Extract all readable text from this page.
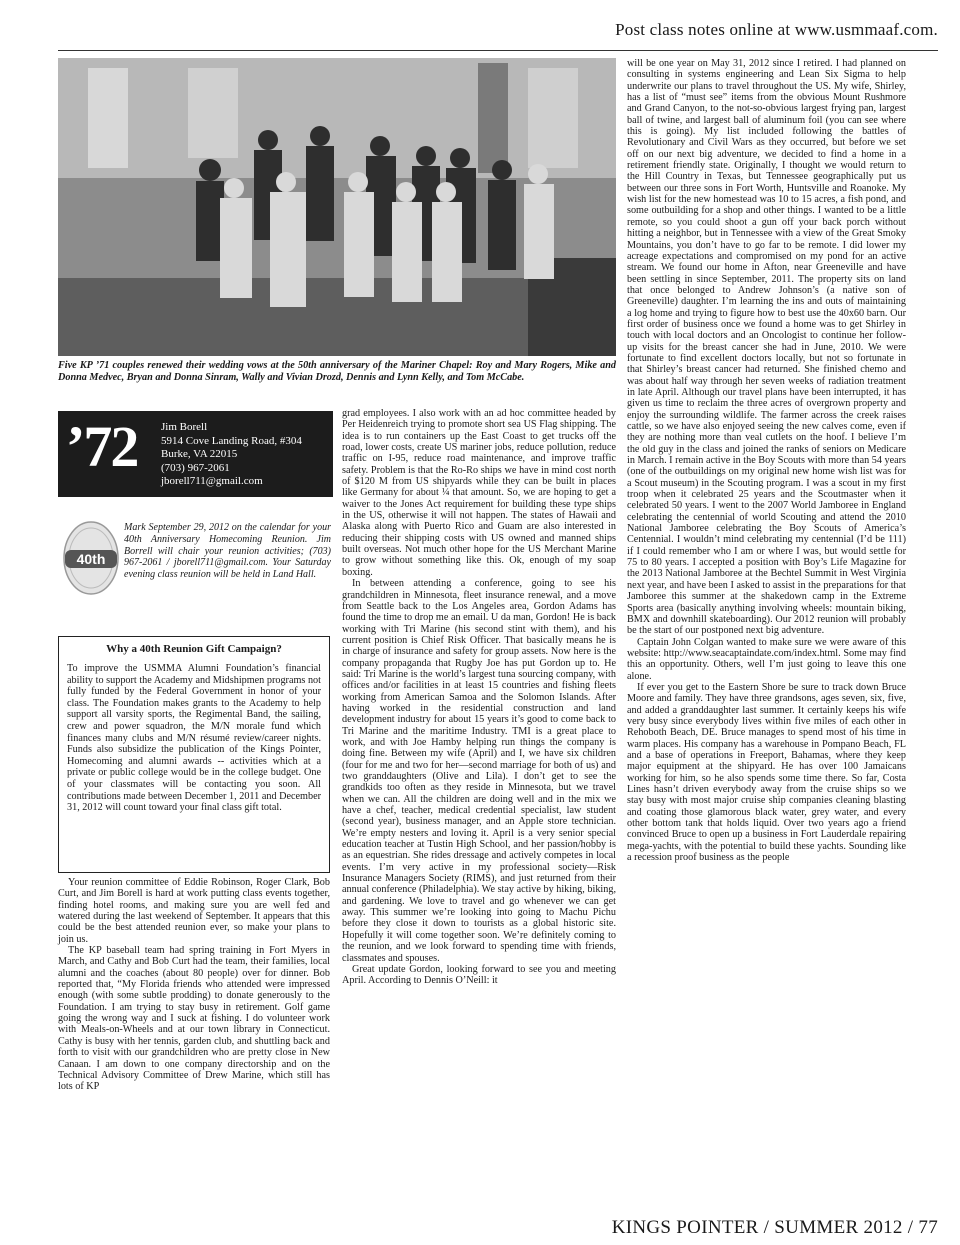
Post class notes online at www.usmmaaf.com.
Five KP ’71 couples renewed their wedding vows at the 50th anniversary of the Mariner Chapel: Roy and Mary Rogers, Mike and Donna Medvec, Bryan and Donna Sinram, Wally and Vivian Drozd, Dennis and Lynn Kelly, and Tom McCabe.
’72 Jim Borell
5914 Cove Landing Road, #304
Burke, VA 22015
(703) 967-2061
jborell711@gmail.com
40th
Mark September 29, 2012 on the calendar for your 40th Anniversary Homecoming Reunion. Jim Borrell will chair your reunion activities; (703) 967-2061 / jborell711@gmail.com. Your Saturday evening class reunion will be held in Land Hall.
Why a 40th Reunion Gift Campaign?
To improve the USMMA Alumni Foundation’s financial ability to support the Academy and Midshipmen programs not fully funded by the Federal Government in honor of your class. The Foundation makes grants to the Academy to help support all varsity sports, the Regimental Band, the sailing, crew and power squadron, the M/N morale fund which finances many clubs and M/N résumé review/career nights. Funds also subsidize the publication of the Kings Pointer, Homecoming and alumni awards -- activities which at a private or public college would be in the college budget. One of your classmates will be contacting you soon. All contributions made between December 1, 2011 and December 31, 2012 will count toward your final class gift total.

Your reunion committee of Eddie Robinson, Roger Clark, Bob Curt, and Jim Borell is hard at work putting class events together, finding hotel rooms, and making sure you are well fed and watered during the last weekend of September. It appears that this could be the best attended reunion ever, so make your plans to join us.

The KP baseball team had spring training in Fort Myers in March, and Cathy and Bob Curt had the team, their families, local alumni and the coaches (about 80 people) over for dinner. Bob reported that, “My Florida friends who attended were impressed enough (with some subtle prodding) to donate generously to the Foundation. I am trying to stay busy in retirement. Golf game going the wrong way and I suck at fishing. I do volunteer work with Meals-on-Wheels and at our town library in Connecticut. Cathy is busy with her tennis, garden club, and shuttling back and forth to visit with our grandchildren who are pretty close in New Canaan. I am down to one company directorship and on the Technical Advisory Committee of Drew Marine, which still has lots of KP

grad employees. I also work with an ad hoc committee headed by Per Heidenreich trying to promote short sea US Flag shipping. The idea is to run containers up the East Coast to get trucks off the road, lower costs, create US mariner jobs, reduce pollution, reduce traffic on I-95, reduce road maintenance, and improve traffic safety. Problem is that the Ro-Ro ships we have in mind cost north of $120 M from US shipyards while they can be built in places like Germany for about ¼ that amount. So, we are hoping to get a waiver to the Jones Act requirement for building these type ships in the US, otherwise it will not happen. The states of Hawaii and Alaska along with Puerto Rico and Guam are also interested in reducing their shipping costs with US owned and manned ships built overseas. Not much other hope for the US Merchant Marine to grow without something like this. Ok, enough of my soap boxing.

In between attending a conference, going to see his grandchildren in Minnesota, fleet insurance renewal, and a move from Seattle back to the Los Angeles area, Gordon Adams has found the time to drop me an email. U da man, Gordon! He is back working with Tri Marine (his second stint with them), and his current position is Chief Risk Officer. That basically means he is in charge of insurance and safety for group assets. Now here is the company propaganda that Rugby Joe has put Gordon up to. He said: Tri Marine is the world’s largest tuna sourcing company, with offices and/or facilities in at least 15 countries and fishing fleets working from American Samoa and the Solomon Islands. After having worked in the residential construction and land development industry for about 15 years it’s good to come back to Tri Marine and the maritime Industry. TMI is a great place to work, and with Joe Hamby helping run things the company is doing fine. Between my wife (April) and I, we have six children (four for me and two for her—second marriage for both of us) and two granddaughters (Olive and Lila). I don’t get to see the grandkids too often as they reside in Minnesota, but we travel when we can. All the children are doing well and in the mix we have a chef, teacher, medical credential specialist, law student (second year), business manager, and an Apple store technician. We’re empty nesters and loving it. April is a very senior special education teacher at Tustin High School, and her passion/hobby is as an equestrian. She rides dressage and actively competes in local events. I’m very active in my professional society—Risk Insurance Managers Society (RIMS), and just returned from their annual conference (Philadelphia). We stay active by hiking, biking, and gardening. We love to travel and go whenever we can get away. This summer we’re looking into going to Machu Pichu before they close it down to tourists as a global historic site. Hopefully it will come together soon. We’re definitely coming to the reunion, and we look forward to spending time with friends, classmates and spouses.

Great update Gordon, looking forward to see you and meeting April. According to Dennis O’Neill: it

will be one year on May 31, 2012 since I retired. I had planned on consulting in systems engineering and Lean Six Sigma to help underwrite our plans to travel throughout the US. My wife, Shirley, has a list of “must see” items from the obvious Mount Rushmore and Grand Canyon, to the not-so-obvious largest frying pan, largest ball of twine, and largest ball of aluminum foil (you can see where this is going). My list included following the battles of Revolutionary and Civil Wars as they occurred, but before we set off on our next big adventure, we decided to find a home in a retirement friendly state. Originally, I thought we would return to the Hill Country in Texas, but Tennessee geographically put us between our three sons in Fort Worth, Huntsville and Roanoke. My wish list for the new homestead was 10 to 15 acres, a fish pond, and some outbuilding for a shop and other things. I wanted to be a little remote, so you could shoot a gun off your back porch without hitting a neighbor, but in Tennessee with a view of the Great Smoky Mountains, you don’t have to go far to be remote. I did lower my acreage expectations and compromised on my pond for an active stream. We found our home in Afton, near Greeneville and have been settling in since September, 2011. The property sits on land that once belonged to Andrew Johnson’s (a native son of Greeneville) daughter. I’m learning the ins and outs of maintaining a log home and trying to figure how to best use the 40x60 barn. Our first order of business once we found a home was to get Shirley in touch with local doctors and an Oncologist to continue her follow-up visits for the breast cancer she had in June, 2010. We were fortunate to find excellent doctors locally, but not so fortunate in that Shirley’s breast cancer had returned. She finished chemo and was about half way through her seven weeks of radiation treatment in late April. Although our travel plans have been interrupted, it has given us time to reclaim the three acres of overgrown property and enjoy the surrounding wildlife. The farmer across the creek raises cattle, so we have also enjoyed seeing the new calves come, even if they are nothing more than veal cutlets on the hoof. I believe I’m the old guy in the class and joined the ranks of seniors on Medicare in March. I remain active in the Boy Scouts with more than 54 years (one of the outbuildings on my original new home wish list was for a Scout museum) in the Scouting program. I was a scout in my first troop when it celebrated 25 years and the Scoutmaster when it celebrated 50 years. I went to the 2007 World Jamboree in England celebrating the centennial of world Scouting and attend the 2010 National Jamboree celebrating the Boy Scouts of America’s Centennial. I wouldn’t mind celebrating my centennial (I’d be 111) if I could remember who I am or where I was, but would settle for 75 to 80 years. I accepted a position with Boy’s Life Magazine for the 2013 National Jamboree at the Bechtel Summit in West Virginia next year, and have been I asked to assist in the preparations for that Jamboree this summer at the shakedown camp in the Extreme Sports area (basically anything involving wheels: mountain biking, BMX and downhill skateboarding). Our 2012 reunion will probably be the start of our postponed next big adventure.

Captain John Colgan wanted to make sure we were aware of this website: http://www.seacaptaindate.com/index.html. Some may find this an opportunity. Others, well I’m just going to leave this one alone.

If ever you get to the Eastern Shore be sure to track down Bruce Moore and family. They have three grandsons, ages seven, six, five, and added a granddaughter last summer. It certainly keeps his wife very busy since everybody lives within five miles of each other in Rehoboth Beach, DE. Bruce manages to spend most of his time in warm places. His company has a warehouse in Pompano Beach, FL and a base of operations in Freeport, Bahamas, where they keep major equipment at the shipyard. He has over 100 Jamaicans working for him, so he also spends some time there. So far, Costa Lines hasn’t driven everybody away from the cruise ships so we stay busy with most major cruise ship companies cleaning blasting and coating those glamorous black water, grey water, and every other bottom tank that holds liquid. Over two years ago a friend convinced Bruce to open up a business in Fort Lauderdale repairing mega-yachts, with the potential to build these yachts. Sounding like a recession proof business as the people

KINGS POINTER / SUMMER 2012 / 77
